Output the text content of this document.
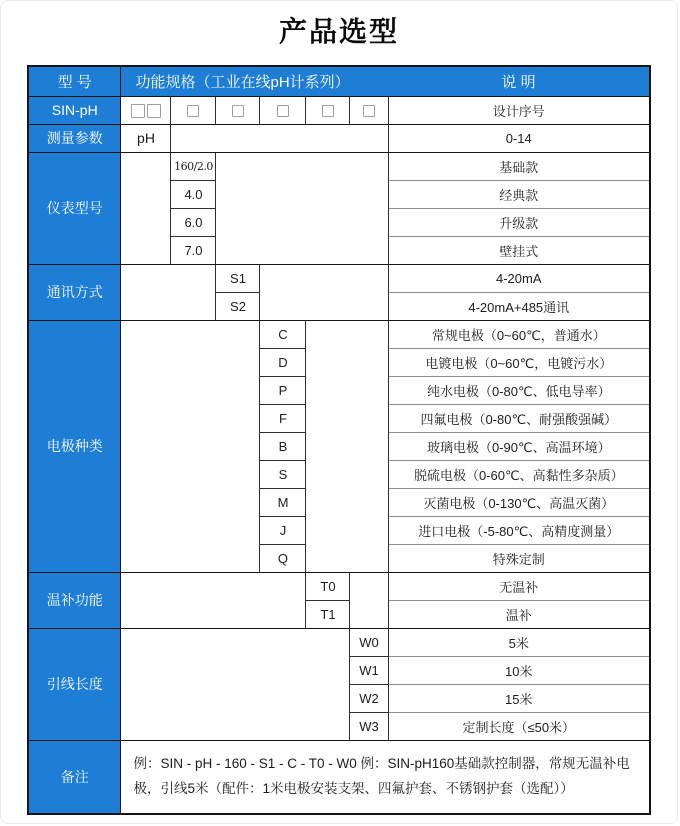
产品选型
型 号	功能规格（工业在线pH计系列）						说 明
SIN-pH							设计序号
测量参数	pH						0-14
仪表型号		160/2.0					基础款
		4.0					经典款
		6.0					升级款
		7.0					壁挂式
通讯方式			S1				4-20mA
			S2				4-20mA+485通讯
电极种类				C			常规电极（0~60℃，普通水）
				D			电镀电极（0~60℃，电镀污水）
				P			纯水电极（0-80℃、低电导率）
				F			四氟电极（0-80℃、耐强酸强碱）
				B			玻璃电极（0-90℃、高温环境）
				S			脱硫电极（0-60℃、高黏性多杂质）
				M			灭菌电极（0-130℃、高温灭菌）
				J			进口电极（-5-80℃、高精度测量）
				Q			特殊定制
温补功能					T0		无温补
					T1		温补
引线长度						W0	5米
						W1	10米
						W2	15米
						W3	定制长度（≤50米）
备注	例：SIN - pH - 160 - S1 - C - T0 - W0 例：SIN-pH160基础款控制器，常规无温补电极，引线5米（配件：1米电极安装支架、四氟护套、不锈钢护套（选配））						
